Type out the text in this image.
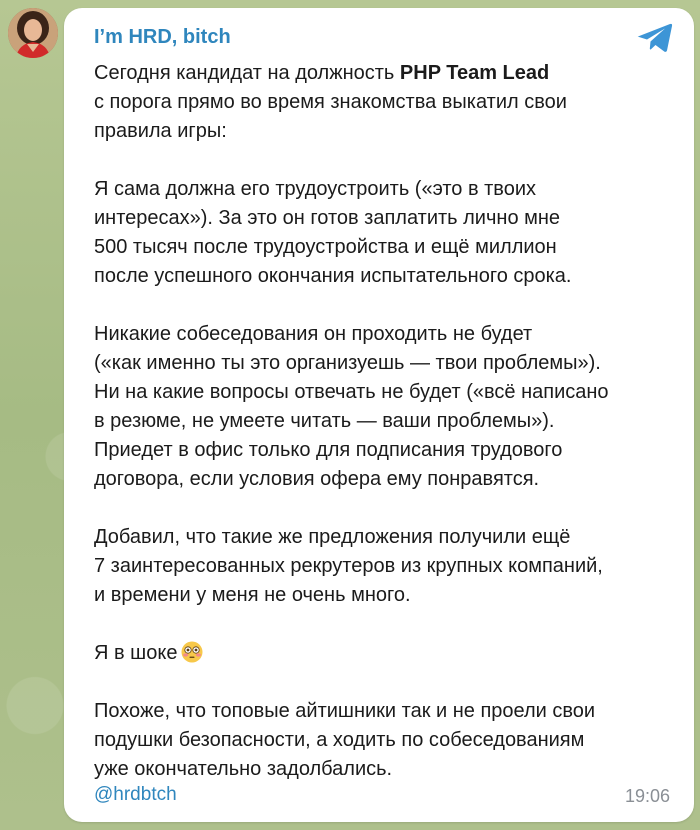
I’m HRD, bitch

Сегодня кандидат на должность PHP Team Lead

с порога прямо во время знакомства выкатил свои

правила игры:

Я сама должна его трудоустроить («это в твоих

интересах»). За это он готов заплатить лично мне

500 тысяч после трудоустройства и ещё миллион

после успешного окончания испытательного срока.

Никакие собеседования он проходить не будет

(«как именно ты это организуешь — твои проблемы»).

Ни на какие вопросы отвечать не будет («всё написано

в резюме, не умеете читать — ваши проблемы»).

Приедет в офис только для подписания трудового

договора, если условия офера ему понравятся.

Добавил, что такие же предложения получили ещё

7 заинтересованных рекрутеров из крупных компаний,

и времени у меня не очень много.

Я в шоке

Похоже, что топовые айтишники так и не проели свои

подушки безопасности, а ходить по собеседованиям

уже окончательно задолбались.

@hrdbtch	19:06
